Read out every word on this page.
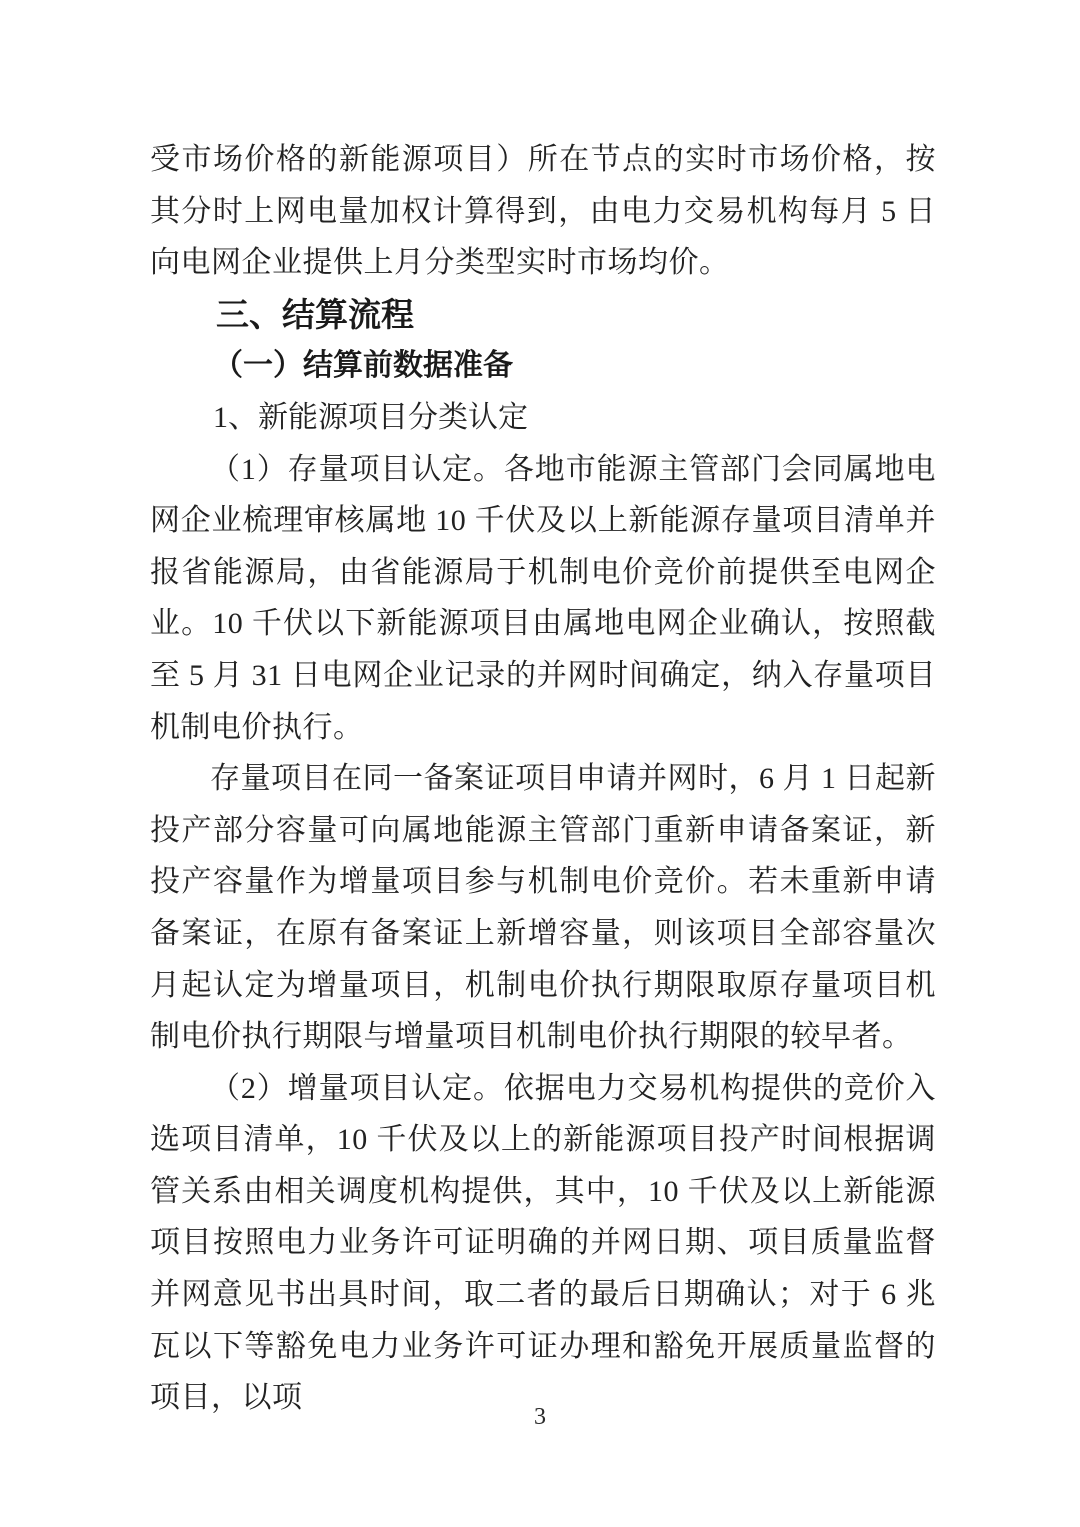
受市场价格的新能源项目）所在节点的实时市场价格，按其分时上网电量加权计算得到，由电力交易机构每月 5 日向电网企业提供上月分类型实时市场均价。

三、结算流程
（一）结算前数据准备
1、新能源项目分类认定

（1）存量项目认定。各地市能源主管部门会同属地电网企业梳理审核属地 10 千伏及以上新能源存量项目清单并报省能源局，由省能源局于机制电价竞价前提供至电网企业。10 千伏以下新能源项目由属地电网企业确认，按照截至 5 月 31 日电网企业记录的并网时间确定，纳入存量项目机制电价执行。

存量项目在同一备案证项目申请并网时，6 月 1 日起新投产部分容量可向属地能源主管部门重新申请备案证，新投产容量作为增量项目参与机制电价竞价。若未重新申请备案证，在原有备案证上新增容量，则该项目全部容量次月起认定为增量项目，机制电价执行期限取原存量项目机制电价执行期限与增量项目机制电价执行期限的较早者。

（2）增量项目认定。依据电力交易机构提供的竞价入选项目清单，10 千伏及以上的新能源项目投产时间根据调管关系由相关调度机构提供，其中，10 千伏及以上新能源项目按照电力业务许可证明确的并网日期、项目质量监督并网意见书出具时间，取二者的最后日期确认；对于 6 兆瓦以下等豁免电力业务许可证办理和豁免开展质量监督的项目，以项

3
